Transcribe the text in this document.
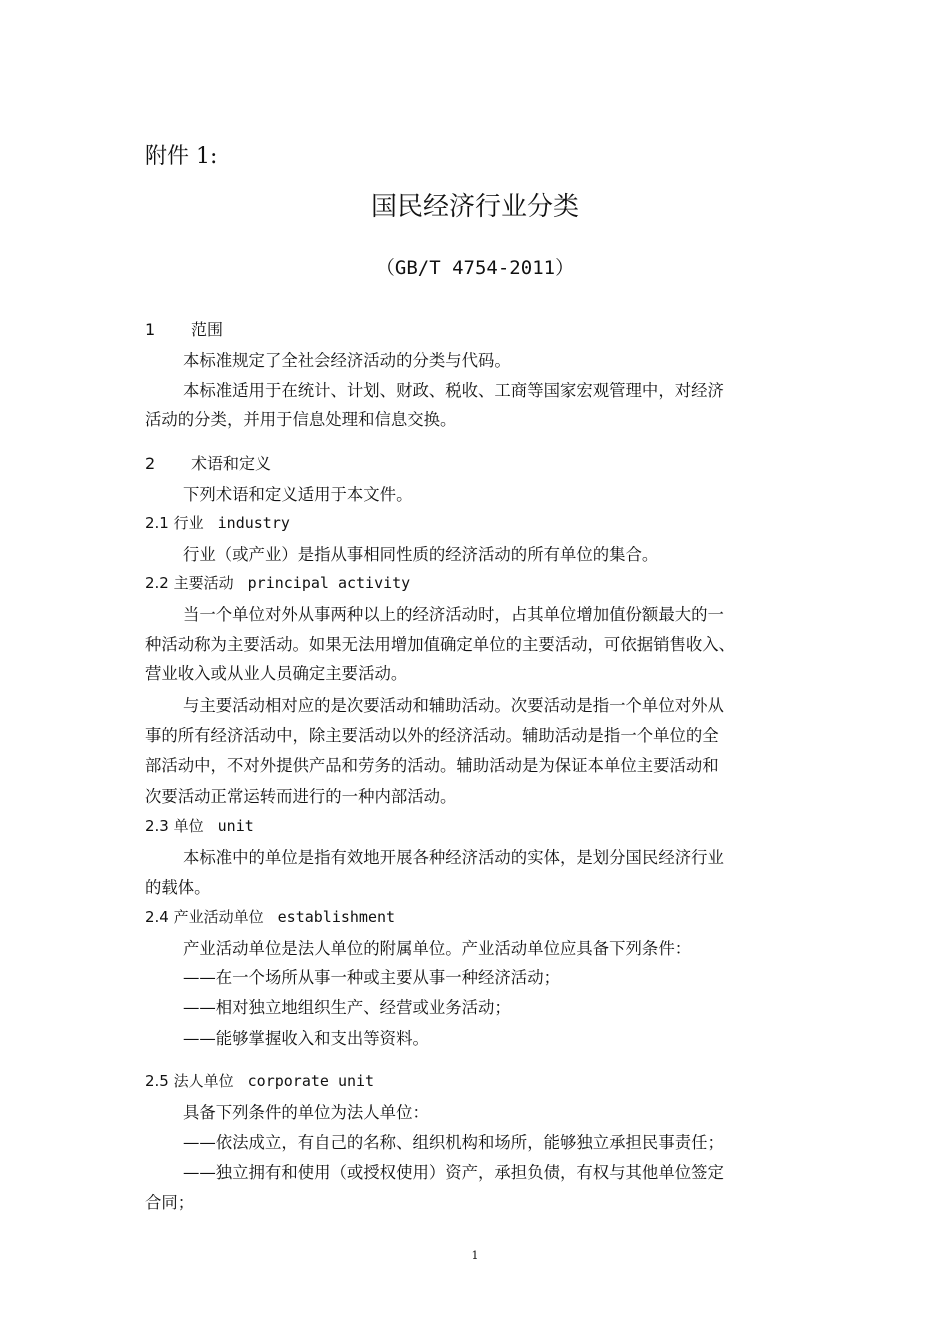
附件 1:
国民经济行业分类
（GB/T 4754-2011）
1 范围
本标准规定了全社会经济活动的分类与代码。
本标准适用于在统计、计划、财政、税收、工商等国家宏观管理中，对经济
活动的分类，并用于信息处理和信息交换。
2 术语和定义
下列术语和定义适用于本文件。
2.1 行业 industry
行业（或产业）是指从事相同性质的经济活动的所有单位的集合。
2.2 主要活动 principal activity
当一个单位对外从事两种以上的经济活动时，占其单位增加值份额最大的一
种活动称为主要活动。如果无法用增加值确定单位的主要活动，可依据销售收入、
营业收入或从业人员确定主要活动。
与主要活动相对应的是次要活动和辅助活动。次要活动是指一个单位对外从
事的所有经济活动中，除主要活动以外的经济活动。辅助活动是指一个单位的全
部活动中，不对外提供产品和劳务的活动。辅助活动是为保证本单位主要活动和
次要活动正常运转而进行的一种内部活动。
2.3 单位 unit
本标准中的单位是指有效地开展各种经济活动的实体，是划分国民经济行业
的载体。
2.4 产业活动单位 establishment
产业活动单位是法人单位的附属单位。产业活动单位应具备下列条件：
——在一个场所从事一种或主要从事一种经济活动；
——相对独立地组织生产、经营或业务活动；
——能够掌握收入和支出等资料。
2.5 法人单位 corporate unit
具备下列条件的单位为法人单位：
——依法成立，有自己的名称、组织机构和场所，能够独立承担民事责任；
——独立拥有和使用（或授权使用）资产，承担负债，有权与其他单位签定
合同；
1
